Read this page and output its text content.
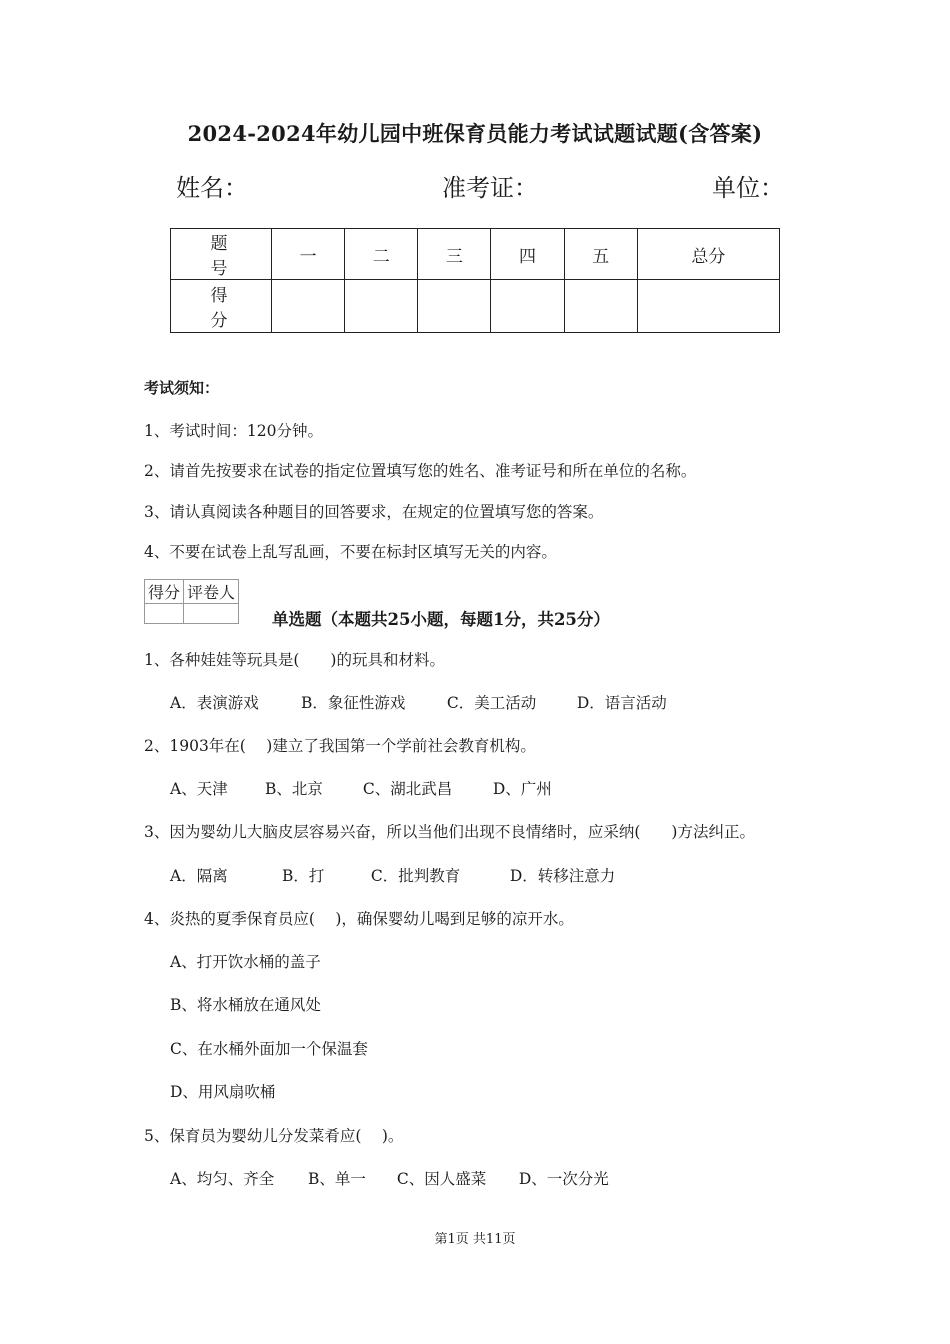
2024-2024年幼儿园中班保育员能力考试试题试题(含答案)
姓名：	准考证：	单位：
题　号	一	二	三	四	五	总分
得　分						
考试须知：
1、考试时间：120分钟。
2、请首先按要求在试卷的指定位置填写您的姓名、准考证号和所在单位的名称。
3、请认真阅读各种题目的回答要求，在规定的位置填写您的答案。
4、不要在试卷上乱写乱画，不要在标封区填写无关的内容。
得分	评卷人

单选题（本题共25小题，每题1分，共25分）
1、各种娃娃等玩具是(　　)的玩具和材料。
A．表演游戏	B．象征性游戏	C．美工活动	D．语言活动
2、1903年在(　 )建立了我国第一个学前社会教育机构。
A、天津 B、北京	C、湖北武昌	D、广州
3、因为婴幼儿大脑皮层容易兴奋，所以当他们出现不良情绪时，应采纳(　　)方法纠正。
A．隔离	B．打	C．批判教育	D．转移注意力
4、炎热的夏季保育员应(　 )，确保婴幼儿喝到足够的凉开水。
A、打开饮水桶的盖子
B、将水桶放在通风处
C、在水桶外面加一个保温套
D、用风扇吹桶
5、保育员为婴幼儿分发菜肴应(　 )。
A、均匀、齐全 B、单一 C、因人盛菜 D、一次分光
第1页 共11页
